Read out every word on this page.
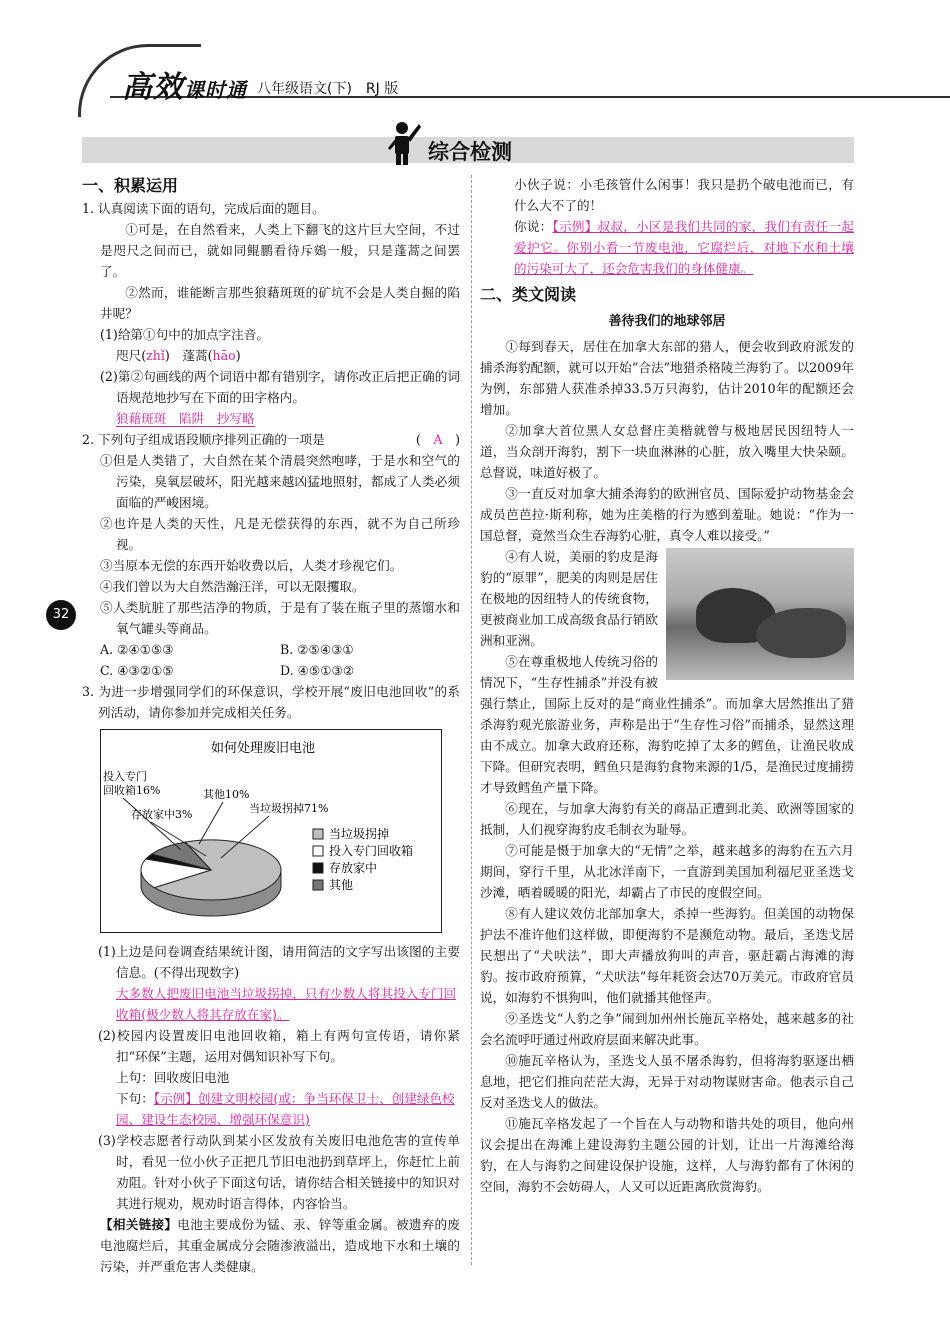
高效课时通 八年级语文(下)　RJ 版
综合检测
32
一、积累运用

1. 认真阅读下面的语句，完成后面的题目。

①可是，在自然看来，人类上下翻飞的这片巨大空间，不过是咫尺之间而已，就如同鲲鹏看待斥鴳一般，只是蓬蒿之间罢了。

②然而，谁能断言那些狼藉斑斑的矿坑不会是人类自掘的陷井呢？

(1)给第①句中的加点字注音。

咫尺(zhǐ)　蓬蒿(hāo)

(2)第②句画线的两个词语中都有错别字，请你改正后把正确的词语规范地抄写在下面的田字格内。

狼藉斑斑　陷阱　抄写略

2. 下列句子组成语段顺序排列正确的一项是	(　A　)

①但是人类错了，大自然在某个清晨突然咆哮，于是水和空气的污染，臭氧层破坏，阳光越来越凶猛地照射，都成了人类必须面临的严峻困境。

②也许是人类的天性，凡是无偿获得的东西，就不为自己所珍视。

③当原本无偿的东西开始收费以后，人类才珍视它们。

④我们曾以为大自然浩瀚汪洋，可以无限攫取。

⑤人类肮脏了那些洁净的物质，于是有了装在瓶子里的蒸馏水和氧气罐头等商品。

A. ②④①⑤③	B. ②⑤④③①
C. ④③②①⑤	D. ④⑤①③②

3. 为进一步增强同学们的环保意识，学校开展“废旧电池回收”的系列活动，请你参加并完成相关任务。

如何处理废旧电池
当垃圾拐掉71%
投入专门
回收箱16%
存放家中3%
其他10%
当垃圾拐掉
投入专门回收箱
存放家中
其他

(1)上边是问卷调查结果统计图，请用简洁的文字写出该图的主要信息。(不得出现数字)

大多数人把废旧电池当垃圾拐掉，只有少数人将其投入专门回收箱(极少数人将其存放在家)。

(2)校园内设置废旧电池回收箱，箱上有两句宣传语，请你紧扣“环保”主题，运用对偶知识补写下句。

上句：回收废旧电池

下句：【示例】创建文明校园(或：争当环保卫士、创建绿色校园、建设生态校园、增强环保意识)

(3)学校志愿者行动队到某小区发放有关废旧电池危害的宣传单时，看见一位小伙子正把几节旧电池扔到草坪上，你赶忙上前劝阻。针对小伙子下面这句话，请你结合相关链接中的知识对其进行规劝，规劝时语言得体，内容恰当。

【相关链接】电池主要成份为锰、汞、锌等重金属。被遗弃的废电池腐烂后，其重金属成分会随渗液溢出，造成地下水和土壤的污染，并严重危害人类健康。

小伙子说：小毛孩管什么闲事！我只是扔个破电池而已，有什么大不了的！

你说：【示例】叔叔，小区是我们共同的家，我们有责任一起爱护它。你别小看一节废电池，它腐烂后，对地下水和土壤的污染可大了，还会危害我们的身体健康。

二、类文阅读
善待我们的地球邻居

①每到春天，居住在加拿大东部的猎人，便会收到政府派发的捕杀海豹配额，就可以开始“合法”地猎杀格陵兰海豹了。以2009年为例，东部猎人获准杀掉33.5万只海豹，估计2010年的配额还会增加。

②加拿大首位黑人女总督庄美楷就曾与极地居民因纽特人一道，当众剖开海豹，割下一块血淋淋的心脏，放入嘴里大快朵颐。总督说，味道好极了。

③一直反对加拿大捕杀海豹的欧洲官员、国际爱护动物基金会成员芭芭拉·斯利称，她为庄美楷的行为感到羞耻。她说：“作为一国总督，竟然当众生吞海豹心脏，真令人难以接受。”

④有人说，美丽的豹皮是海豹的“原罪”，肥美的肉则是居住在极地的因纽特人的传统食物，更被商业加工成高级食品行销欧洲和亚洲。

⑤在尊重极地人传统习俗的情况下，“生存性捕杀”并没有被强行禁止，国际上反对的是“商业性捕杀”。而加拿大居然推出了猎杀海豹观光旅游业务，声称是出于“生存性习俗”而捕杀，显然这理由不成立。加拿大政府还称，海豹吃掉了太多的鳕鱼，让渔民收成下降。但研究表明，鳕鱼只是海豹食物来源的1/5，是渔民过度捕捞才导致鳕鱼产量下降。

⑥现在，与加拿大海豹有关的商品正遭到北美、欧洲等国家的抵制，人们视穿海豹皮毛制衣为耻辱。

⑦可能是慑于加拿大的“无情”之举，越来越多的海豹在五六月期间，穿行千里，从北冰洋南下，一直游到美国加利福尼亚圣迭戈沙滩，晒着暖暖的阳光，却霸占了市民的度假空间。

⑧有人建议效仿北部加拿大，杀掉一些海豹。但美国的动物保护法不准许他们这样做，即便海豹不是濒危动物。最后，圣迭戈居民想出了“犬吠法”，即大声播放狗叫的声音，驱赶霸占海滩的海豹。按市政府预算，“犬吠法”每年耗资会达70万美元。市政府官员说，如海豹不惧狗叫，他们就播其他怪声。

⑨圣迭戈“人豹之争”闹到加州州长施瓦辛格处，越来越多的社会名流呼吁通过州政府层面来解决此事。

⑩施瓦辛格认为，圣迭戈人虽不屠杀海豹，但将海豹驱逐出栖息地，把它们推向茫茫大海，无异于对动物谋财害命。他表示自己反对圣迭戈人的做法。

⑪施瓦辛格发起了一个旨在人与动物和谐共处的项目，他向州议会提出在海滩上建设海豹主题公园的计划，让出一片海滩给海豹，在人与海豹之间建设保护设施，这样，人与海豹都有了休闲的空间，海豹不会妨碍人，人又可以近距离欣赏海豹。
